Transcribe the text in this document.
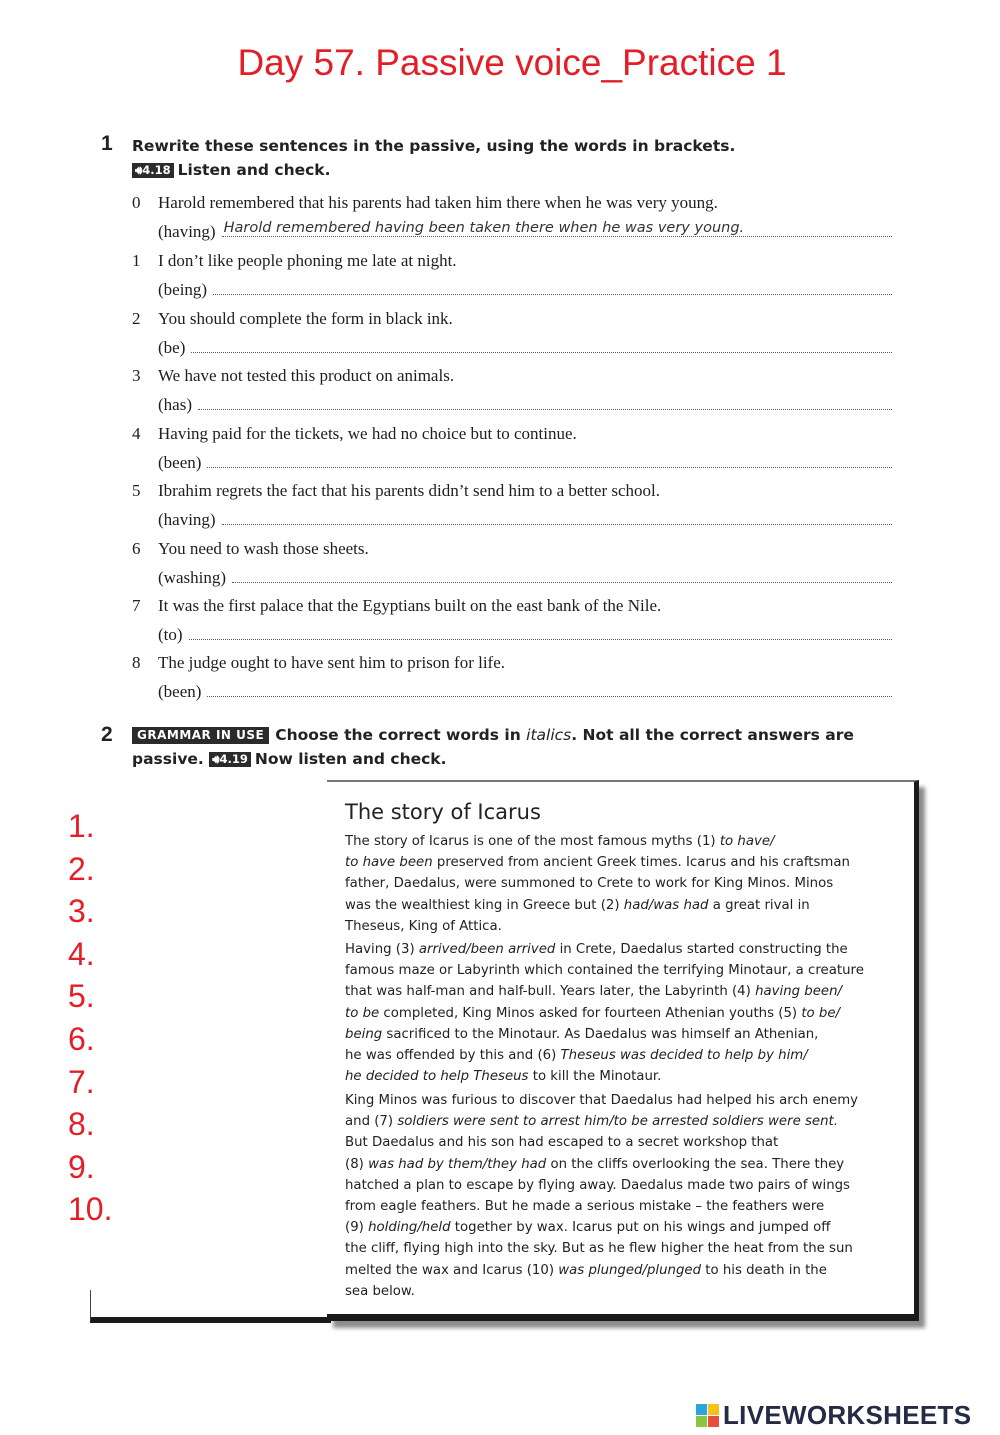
Day 57. Passive voice_Practice 1
1 Rewrite these sentences in the passive, using the words in brackets.
🔊︎4.18 Listen and check.
0 Harold remembered that his parents had taken him there when he was very young.
(having) Harold remembered having been taken there when he was very young.
1 I don’t like people phoning me late at night.
(being)
2 You should complete the form in black ink.
(be)
3 We have not tested this product on animals.
(has)
4 Having paid for the tickets, we had no choice but to continue.
(been)
5 Ibrahim regrets the fact that his parents didn’t send him to a better school.
(having)
6 You need to wash those sheets.
(washing)
7 It was the first palace that the Egyptians built on the east bank of the Nile.
(to)
8 The judge ought to have sent him to prison for life.
(been)
2	GRAMMAR IN USE Choose the correct words in italics. Not all the correct answers are
passive. 🔊︎4.19 Now listen and check.
1.
2.
3.
4.
5.
6.
7.
8.
9.
10.
The story of Icarus
The story of Icarus is one of the most famous myths (1) to have/
to have been preserved from ancient Greek times. Icarus and his craftsman
father, Daedalus, were summoned to Crete to work for King Minos. Minos
was the wealthiest king in Greece but (2) had/was had a great rival in
Theseus, King of Attica.
Having (3) arrived/been arrived in Crete, Daedalus started constructing the
famous maze or Labyrinth which contained the terrifying Minotaur, a creature
that was half-man and half-bull. Years later, the Labyrinth (4) having been/
to be completed, King Minos asked for fourteen Athenian youths (5) to be/
being sacrificed to the Minotaur. As Daedalus was himself an Athenian,
he was offended by this and (6) Theseus was decided to help by him/
he decided to help Theseus to kill the Minotaur.
King Minos was furious to discover that Daedalus had helped his arch enemy
and (7) soldiers were sent to arrest him/to be arrested soldiers were sent.
But Daedalus and his son had escaped to a secret workshop that
(8) was had by them/they had on the cliffs overlooking the sea. There they
hatched a plan to escape by flying away. Daedalus made two pairs of wings
from eagle feathers. But he made a serious mistake – the feathers were
(9) holding/held together by wax. Icarus put on his wings and jumped off
the cliff, flying high into the sky. But as he flew higher the heat from the sun
melted the wax and Icarus (10) was plunged/plunged to his death in the
sea below.
LIVEWORKSHEETS
